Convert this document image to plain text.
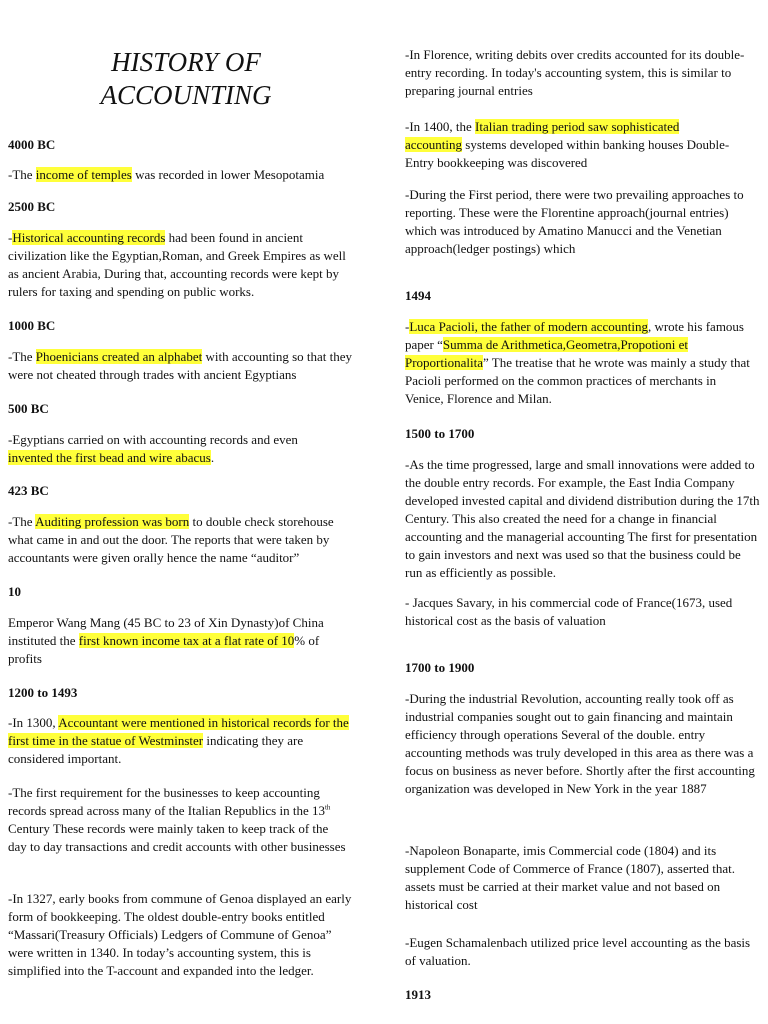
HISTORY OF ACCOUNTING
4000 BC

-The income of temples was recorded in lower Mesopotamia

2500 BC

-Historical accounting records had been found in ancient civilization like the Egyptian,Roman, and Greek Empires as well as ancient Arabia, During that, accounting records were kept by rulers for taxing and spending on public works.

1000 BC

-The Phoenicians created an alphabet with accounting so that they were not cheated through trades with ancient Egyptians

500 BC

-Egyptians carried on with accounting records and even invented the first bead and wire abacus.

423 BC

-The Auditing profession was born to double check storehouse what came in and out the door. The reports that were taken by accountants were given orally hence the name “auditor”

10

Emperor Wang Mang (45 BC to 23 of Xin Dynasty)of China instituted the first known income tax at a flat rate of 10% of profits

1200 to 1493

-In 1300, Accountant were mentioned in historical records for the first time in the statue of Westminster indicating they are considered important.

-The first requirement for the businesses to keep accounting records spread across many of the Italian Republics in the 13th Century These records were mainly taken to keep track of the day to day transactions and credit accounts with other businesses

-In 1327, early books from commune of Genoa displayed an early form of bookkeeping. The oldest double-entry books entitled “Massari(Treasury Officials) Ledgers of Commune of Genoa” were written in 1340. In today’s accounting system, this is simplified into the T-account and expanded into the ledger.

-In Florence, writing debits over credits accounted for its double-entry recording. In today's accounting system, this is similar to preparing journal entries

-In 1400, the Italian trading period saw sophisticated accounting systems developed within banking houses Double-Entry bookkeeping was discovered

-During the First period, there were two prevailing approaches to reporting. These were the Florentine approach(journal entries) which was introduced by Amatino Manucci and the Venetian approach(ledger postings) which

1494

-Luca Pacioli, the father of modern accounting, wrote his famous paper “Summa de Arithmetica,Geometra,Propotioni et Proportionalita” The treatise that he wrote was mainly a study that Pacioli performed on the common practices of merchants in Venice, Florence and Milan.

1500 to 1700

-As the time progressed, large and small innovations were added to the double entry records. For example, the East India Company developed invested capital and dividend distribution during the 17th Century. This also created the need for a change in financial accounting and the managerial accounting The first for presentation to gain investors and next was used so that the business could be run as efficiently as possible.

- Jacques Savary, in his commercial code of France(1673, used historical cost as the basis of valuation

1700 to 1900

-During the industrial Revolution, accounting really took off as industrial companies sought out to gain financing and maintain efficiency through operations Several of the double. entry accounting methods was truly developed in this area as there was a focus on business as never before. Shortly after the first accounting organization was developed in New York in the year 1887

-Napoleon Bonaparte, imis Commercial code (1804) and its supplement Code of Commerce of France (1807), asserted that. assets must be carried at their market value and not based on historical cost

-Eugen Schamalenbach utilized price level accounting as the basis of valuation.

1913
